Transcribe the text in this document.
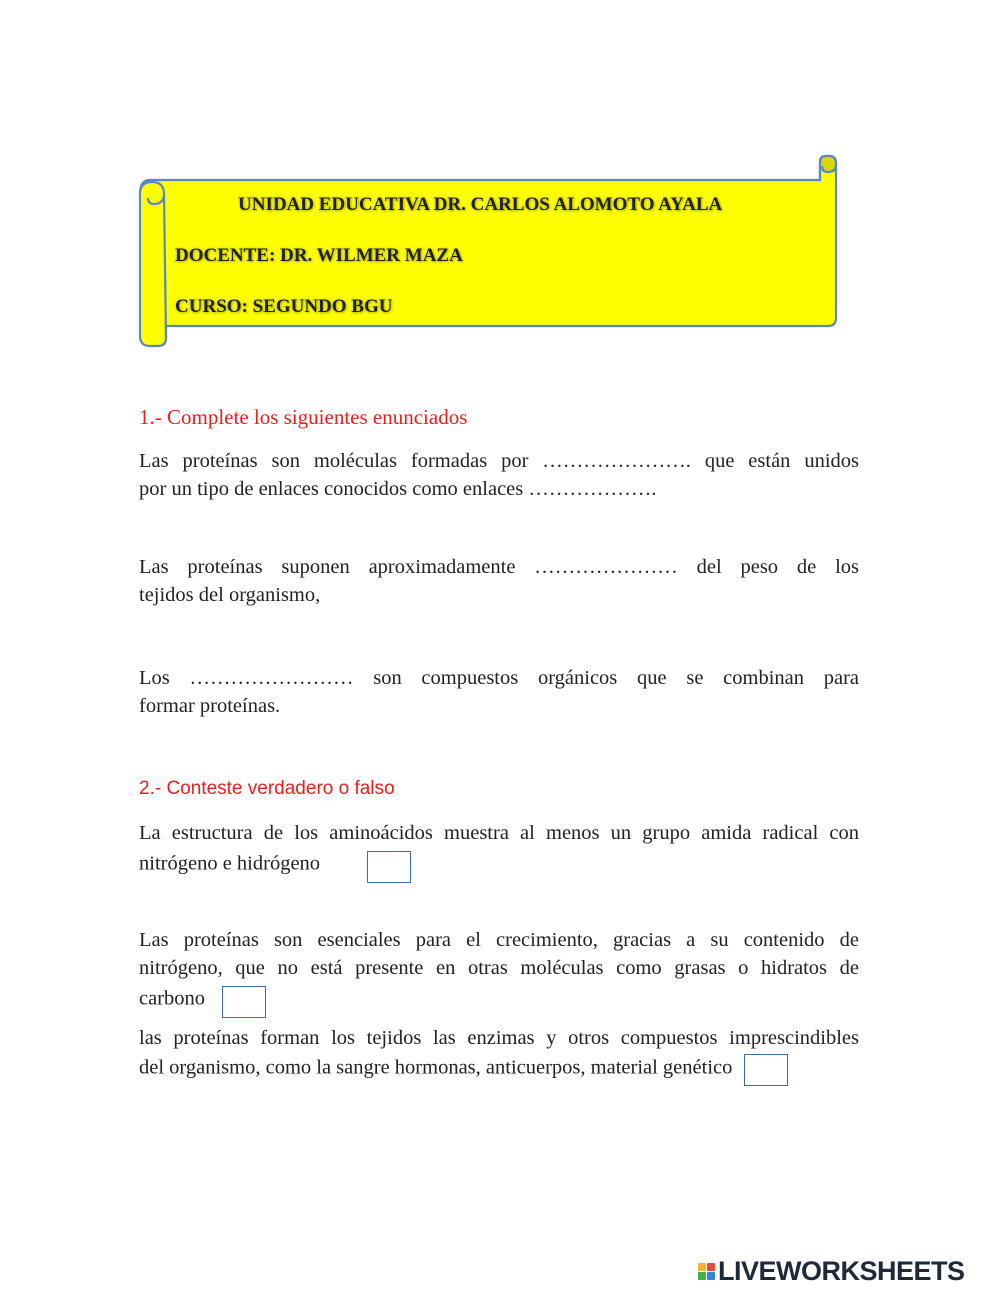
UNIDAD EDUCATIVA DR. CARLOS ALOMOTO AYALA
DOCENTE: DR. WILMER MAZA
CURSO: SEGUNDO BGU
1.- Complete los siguientes enunciados
Las proteínas son moléculas formadas por …………………. que están unidos
por un tipo de enlaces conocidos como enlaces ……………….
Las proteínas suponen aproximadamente ………………… del peso de los
tejidos del organismo,
Los …………………… son compuestos orgánicos que se combinan para
formar proteínas.
2.- Conteste verdadero o falso
La estructura de los aminoácidos muestra al menos un grupo amida radical con
nitrógeno e hidrógeno
Las proteínas son esenciales para el crecimiento, gracias a su contenido de
nitrógeno, que no está presente en otras moléculas como grasas o hidratos de
carbono
las proteínas forman los tejidos las enzimas y otros compuestos imprescindibles
del organismo, como la sangre hormonas, anticuerpos, material genético
LIVEWORKSHEETS
